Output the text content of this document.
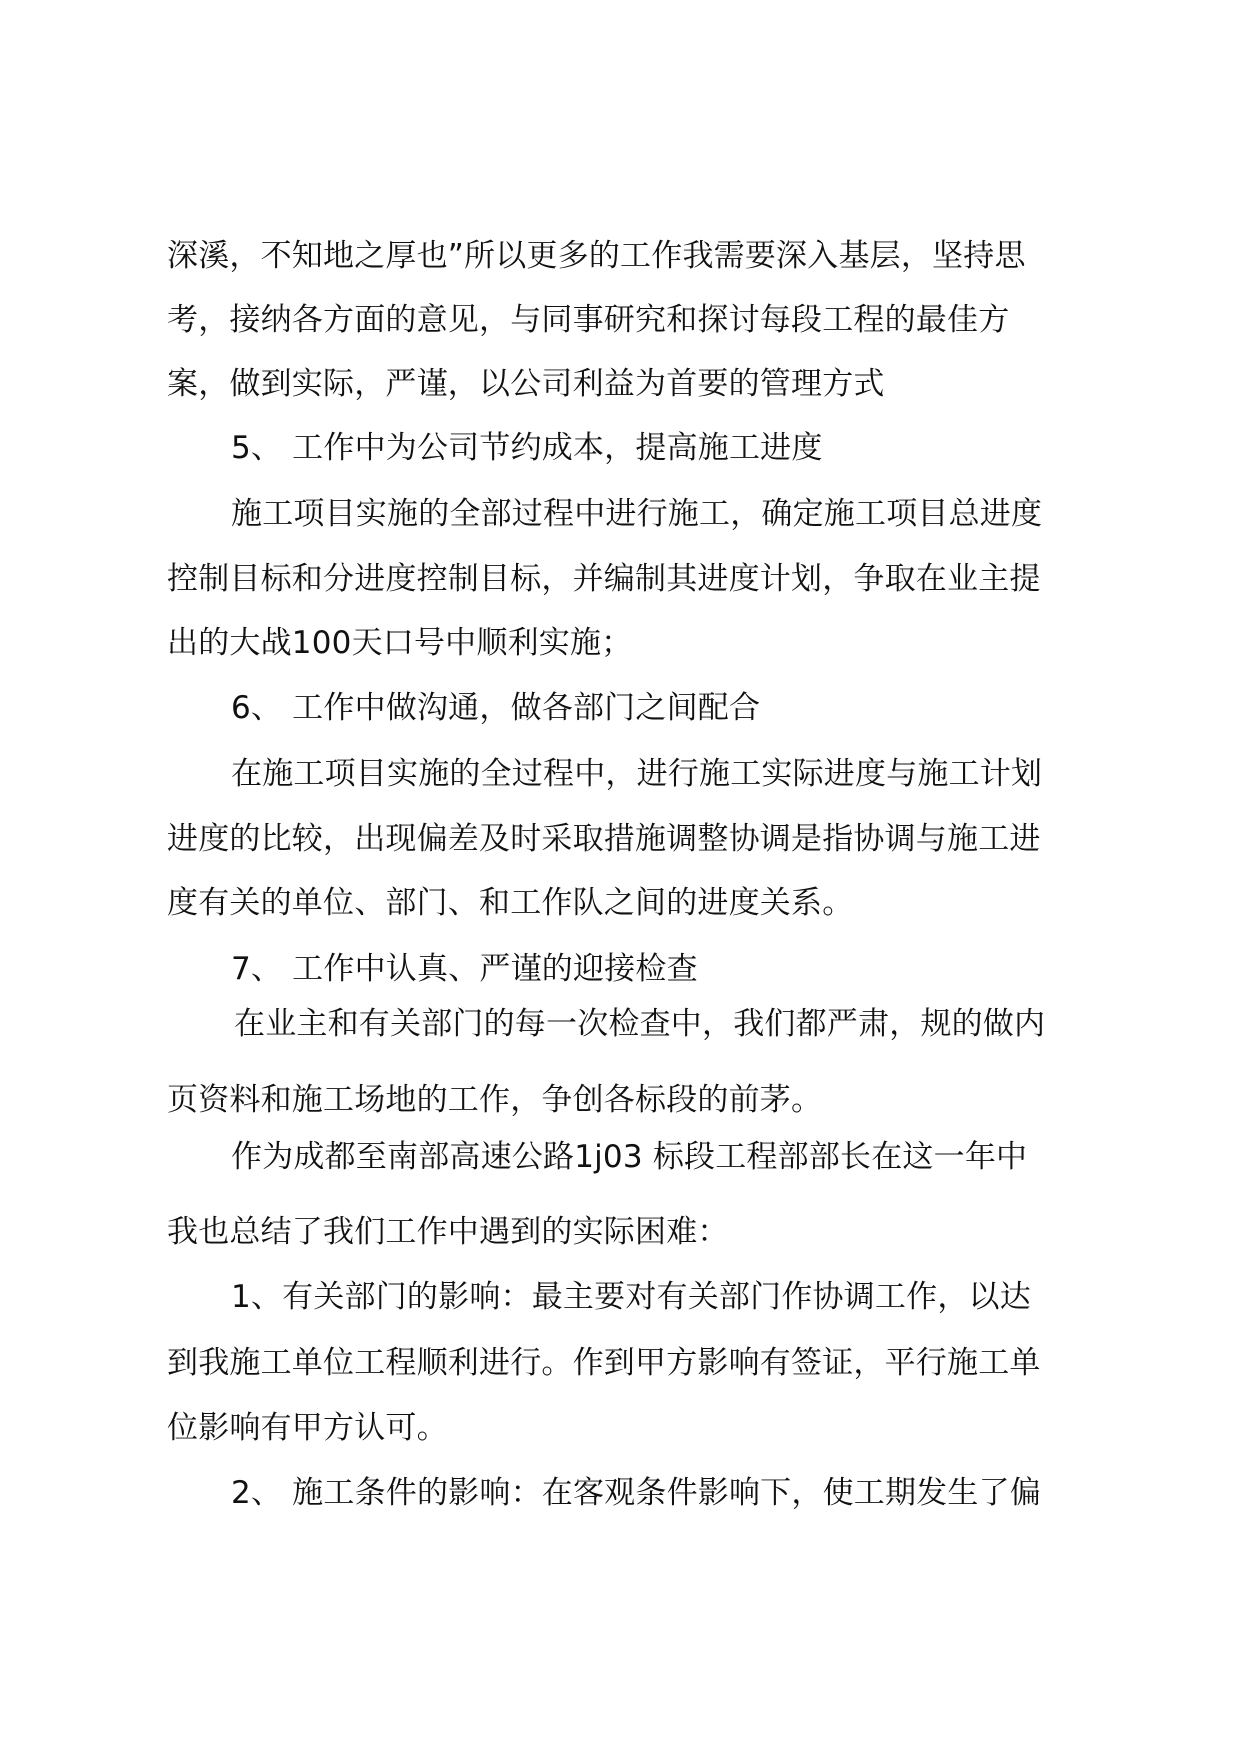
深溪，不知地之厚也”所以更多的工作我需要深入基层，坚持思
考，接纳各方面的意见，与同事研究和探讨每段工程的最佳方
案，做到实际，严谨，以公司利益为首要的管理方式
5、 工作中为公司节约成本，提高施工进度
施工项目实施的全部过程中进行施工，确定施工项目总进度
控制目标和分进度控制目标，并编制其进度计划，争取在业主提
出的大战100天口号中顺利实施；
6、 工作中做沟通，做各部门之间配合
在施工项目实施的全过程中，进行施工实际进度与施工计划
进度的比较，出现偏差及时采取措施调整协调是指协调与施工进
度有关的单位、部门、和工作队之间的进度关系。
7、 工作中认真、严谨的迎接检查
在业主和有关部门的每一次检查中，我们都严肃，规的做内
页资料和施工场地的工作，争创各标段的前茅。
作为成都至南部高速公路1j03 标段工程部部长在这一年中
我也总结了我们工作中遇到的实际困难：
1、有关部门的影响：最主要对有关部门作协调工作，以达
到我施工单位工程顺利进行。作到甲方影响有签证，平行施工单
位影响有甲方认可。
2、 施工条件的影响：在客观条件影响下，使工期发生了偏
